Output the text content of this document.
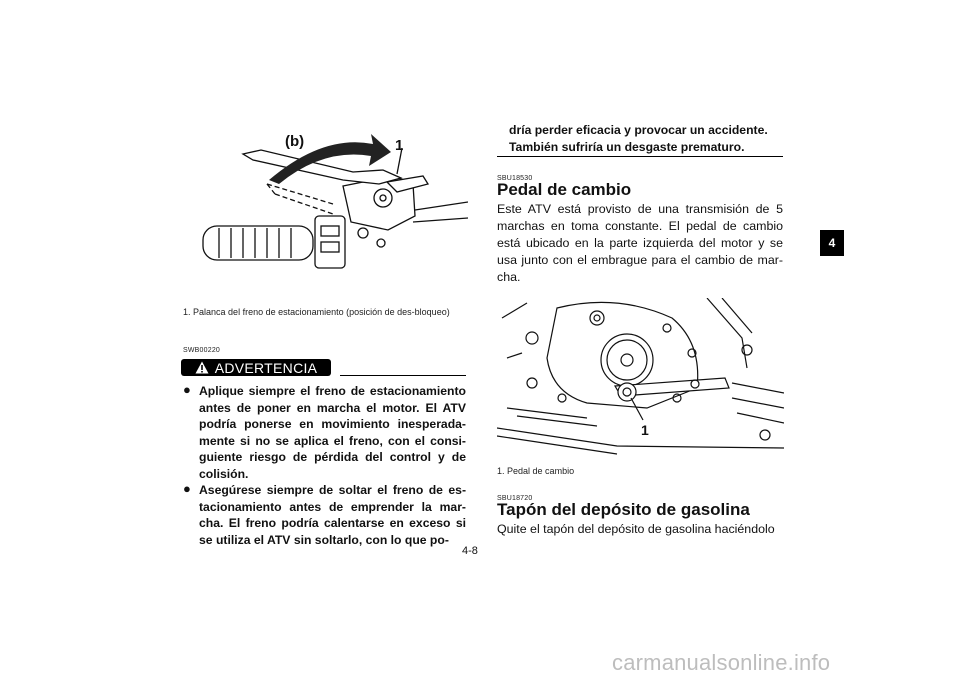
(b)	1
1. Palanca del freno de estacionamiento (posición de des-bloqueo)
SWB00220
ADVERTENCIA
● Aplique siempre el freno de estacionamiento antes de poner en marcha el motor. El ATV podría ponerse en movimiento inesperada-mente si no se aplica el freno, con el consi-guiente riesgo de pérdida del control y de colisión.
● Asegúrese siempre de soltar el freno de es-tacionamiento antes de emprender la mar-cha. El freno podría calentarse en exceso si se utiliza el ATV sin soltarlo, con lo que po-
dría perder eficacia y provocar un accidente. También sufriría un desgaste prematuro.
SBU18530
Pedal de cambio
Este ATV está provisto de una transmisión de 5 marchas en toma constante. El pedal de cambio está ubicado en la parte izquierda del motor y se usa junto con el embrague para el cambio de mar-cha.
1
1. Pedal de cambio
SBU18720
Tapón del depósito de gasolina
Quite el tapón del depósito de gasolina haciéndolo
4
4-8
carmanualsonline.info
